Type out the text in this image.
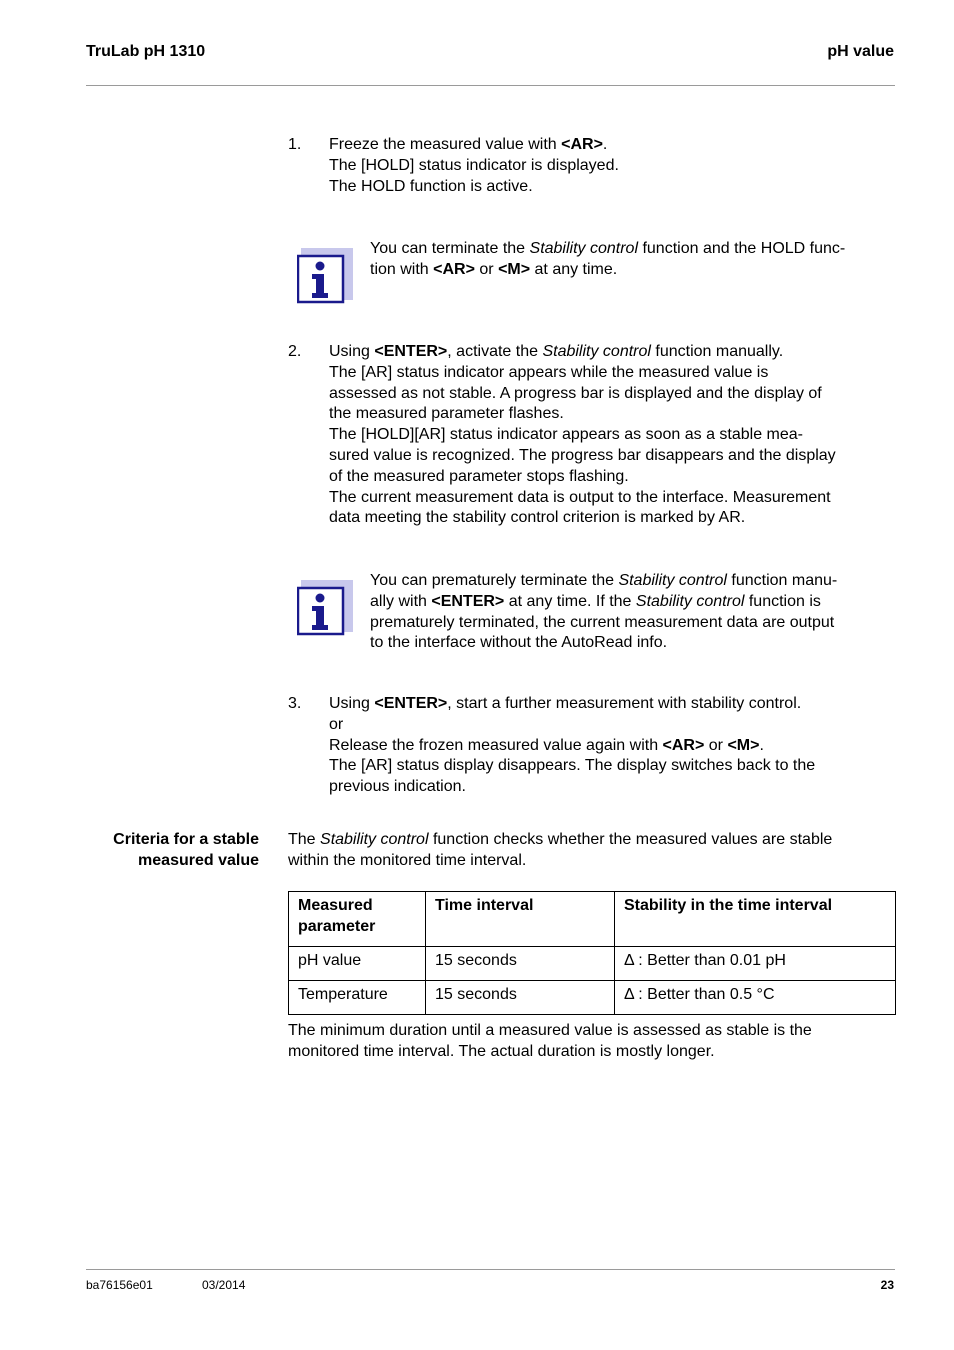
TruLab pH 1310	pH value
1. Freeze the measured value with <AR>.
The [HOLD] status indicator is displayed.
The HOLD function is active.
You can terminate the Stability control function and the HOLD func-
tion with <AR> or <M> at any time.
2. Using <ENTER>, activate the Stability control function manually.
The [AR] status indicator appears while the measured value is
assessed as not stable. A progress bar is displayed and the display of
the measured parameter flashes.
The [HOLD][AR] status indicator appears as soon as a stable mea-
sured value is recognized. The progress bar disappears and the display
of the measured parameter stops flashing.
The current measurement data is output to the interface. Measurement
data meeting the stability control criterion is marked by AR.
You can prematurely terminate the Stability control function manu-
ally with <ENTER> at any time. If the Stability control function is
prematurely terminated, the current measurement data are output
to the interface without the AutoRead info.
3. Using <ENTER>, start a further measurement with stability control.
or
Release the frozen measured value again with <AR> or <M>.
The [AR] status display disappears. The display switches back to the
previous indication.
Criteria for a stable
measured value
The Stability control function checks whether the measured values are stable
within the monitored time interval.
Measured
parameter	Time interval	Stability in the time interval
pH value	15 seconds	Δ : Better than 0.01 pH
Temperature	15 seconds	Δ : Better than 0.5 °C
The minimum duration until a measured value is assessed as stable is the
monitored time interval. The actual duration is mostly longer.
ba76156e01	03/2014	23
